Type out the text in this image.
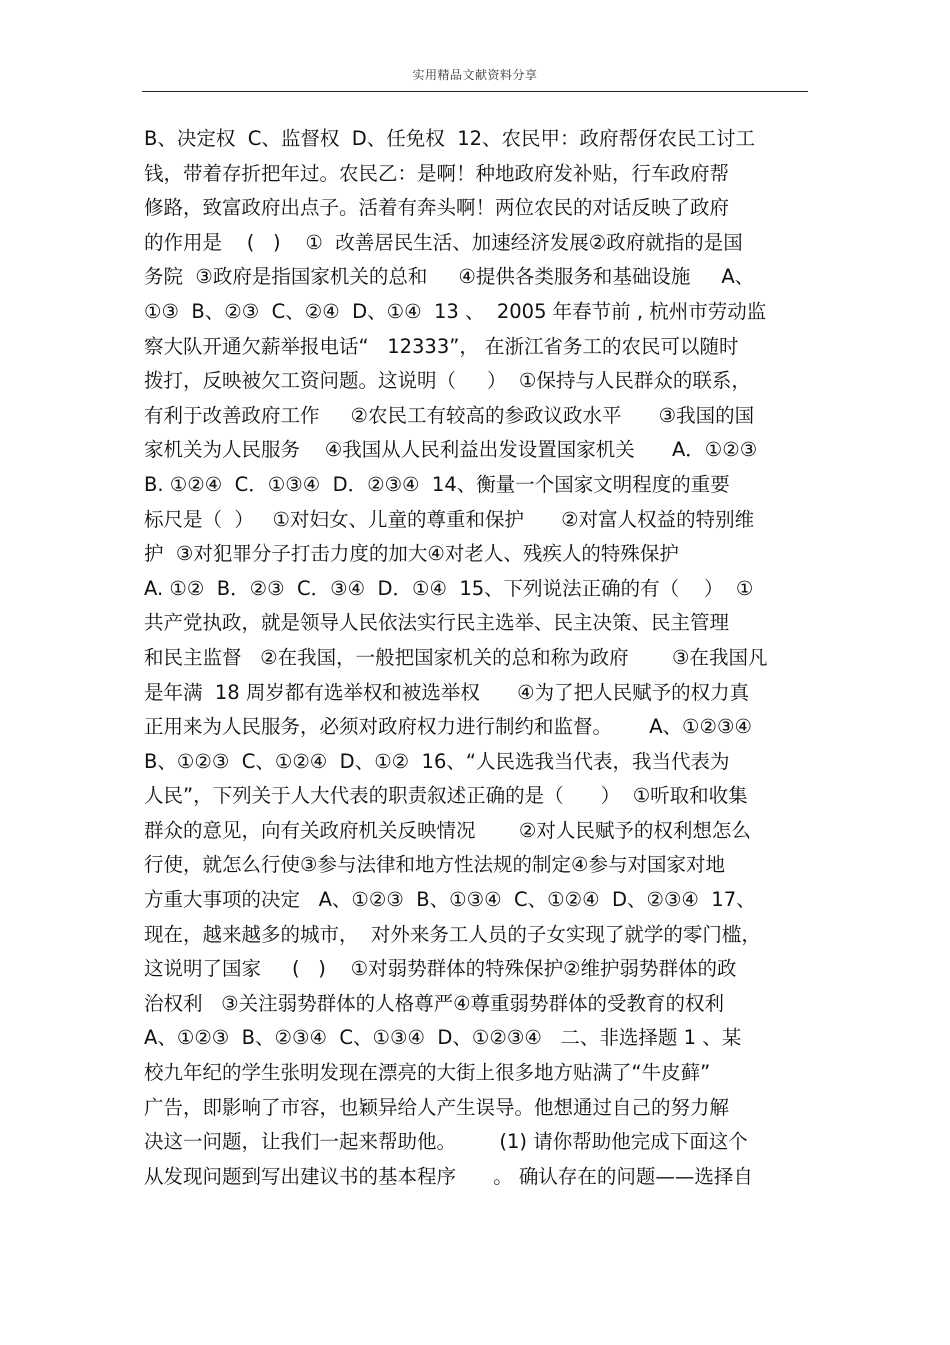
实用精品文献资料分享
B、决定权  C、监督权  D、任免权  12、农民甲：政府帮伢农民工讨工
钱，带着存折把年过。农民乙：是啊！种地政府发补贴，行车政府帮
修路，致富政府出点子。活着有奔头啊！两位农民的对话反映了政府
的作用是    (   )    ①  改善居民生活、加速经济发展②政府就指的是国
务院  ③政府是指国家机关的总和     ④提供各类服务和基础设施     A、
①③  B、②③  C、②④  D、①④  13 、  2005 年春节前 , 杭州市劳动监
察大队开通欠薪举报电话“   12333”， 在浙江省务工的农民可以随时
拨打，反映被欠工资问题。这说明（     ）  ①保持与人民群众的联系，
有利于改善政府工作     ②农民工有较高的参政议政水平      ③我国的国
家机关为人民服务    ④我国从人民利益出发设置国家机关      A．①②③
B. ①②④  C．①③④  D．②③④  14、衡量一个国家文明程度的重要
标尺是（  ）   ①对妇女、儿童的尊重和保护      ②对富人权益的特别维
护  ③对犯罪分子打击力度的加大④对老人、残疾人的特殊保护
A. ①②  B．②③  C．③④  D．①④  15、下列说法正确的有（    ）  ①
共产党执政，就是领导人民依法实行民主选举、民主决策、民主管理
和民主监督   ②在我国，一般把国家机关的总和称为政府       ③在我国凡
是年满  18 周岁都有选举权和被选举权      ④为了把人民赋予的权力真
正用来为人民服务，必须对政府权力进行制约和监督。      A、①②③④
B、①②③  C、①②④  D、①②  16、“人民选我当代表，我当代表为
人民”，下列关于人大代表的职责叙述正确的是（      ）  ①听取和收集
群众的意见，向有关政府机关反映情况       ②对人民赋予的权利想怎么
行使，就怎么行使③参与法律和地方性法规的制定④参与对国家对地
方重大事项的决定   A、①②③  B、①③④  C、①②④  D、②③④  17、
现在，越来越多的城市，  对外来务工人员的子女实现了就学的零门槛，
这说明了国家     (   )    ①对弱势群体的特殊保护②维护弱势群体的政
治权利   ③关注弱势群体的人格尊严④尊重弱势群体的受教育的权利
A、①②③  B、②③④  C、①③④  D、①②③④   二、非选择题 1 、某
校九年纪的学生张明发现在漂亮的大街上很多地方贴满了“牛皮藓”
广告，即影响了市容，也颖异给人产生误导。他想通过自己的努力解
决这一问题，让我们一起来帮助他。       (1) 请你帮助他完成下面这个
从发现问题到写出建议书的基本程序      。 确认存在的问题——选择自
